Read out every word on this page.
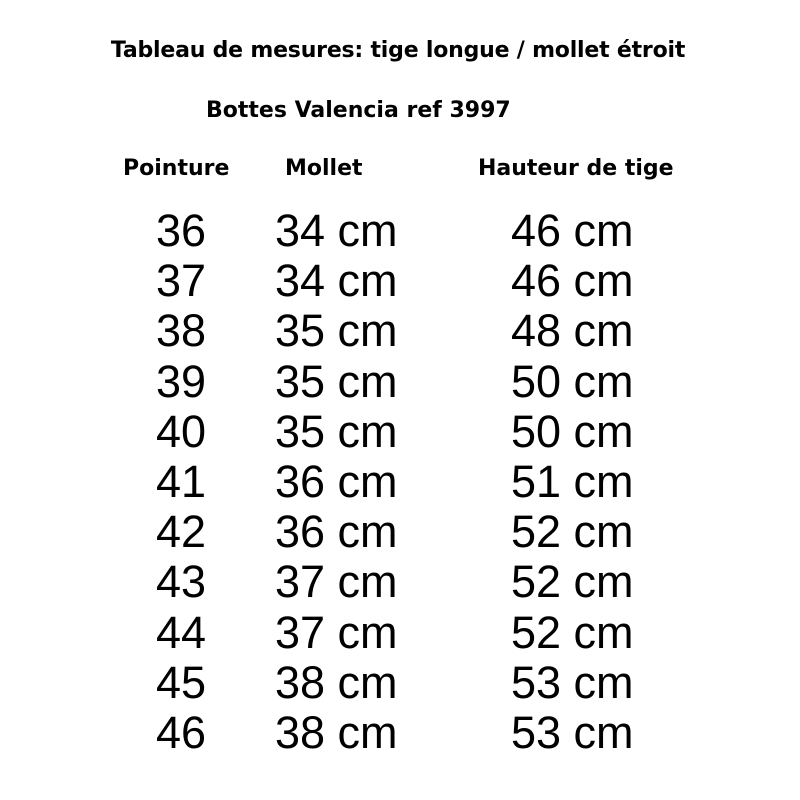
Tableau de mesures: tige longue / mollet étroit
Bottes Valencia ref 3997
Pointure	Mollet	Hauteur de tige
36 34 cm	46 cm
37 34 cm	46 cm
38 35 cm	48 cm
39 35 cm	50 cm
40 35 cm	50 cm
41 36 cm	51 cm
42 36 cm	52 cm
43 37 cm	52 cm
44 37 cm	52 cm
45 38 cm	53 cm
46 38 cm	53 cm
